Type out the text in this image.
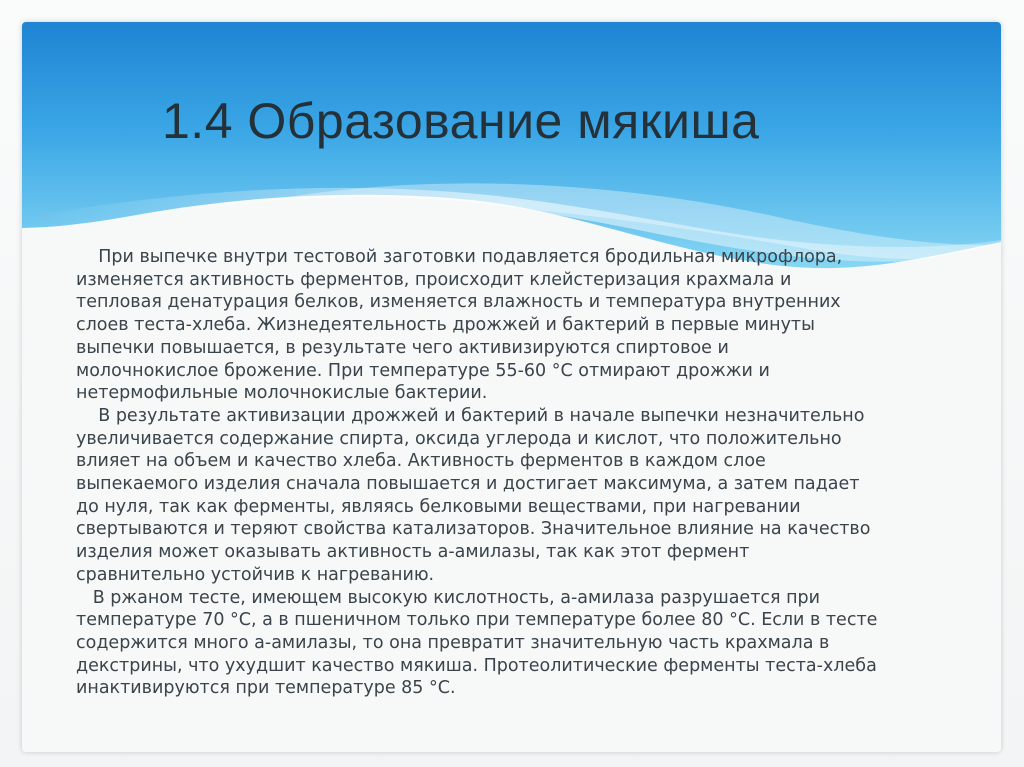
1.4 Образование мякиша
*

При выпечке внутри тестовой заготовки подавляется бродильная микрофлора,
изменяется активность ферментов, происходит клейстеризация крахмала и
тепловая денатурация белков, изменяется влажность и температура внутренних
слоев теста-хлеба. Жизнедеятельность дрожжей и бактерий в первые минуты
выпечки повышается, в результате чего активизируются спиртовое и
молочнокислое брожение. При температуре 55-60 °С отмирают дрожжи и
нетермофильные молочнокислые бактерии.

В результате активизации дрожжей и бактерий в начале выпечки незначительно
увеличивается содержание спирта, оксида углерода и кислот, что положительно
влияет на объем и качество хлеба. Активность ферментов в каждом слое
выпекаемого изделия сначала повышается и достигает максимума, а затем падает
до нуля, так как ферменты, являясь белковыми веществами, при нагревании
свертываются и теряют свойства катализаторов. Значительное влияние на качество
изделия может оказывать активность а-амилазы, так как этот фермент
сравнительно устойчив к нагреванию.

В ржаном тесте, имеющем высокую кислотность, а-амилаза разрушается при
температуре 70 °С, а в пшеничном только при температуре более 80 °С. Если в тесте
содержится много а-амилазы, то она превратит значительную часть крахмала в
декстрины, что ухудшит качество мякиша. Протеолитические ферменты теста-хлеба
инактивируются при температуре 85 °С.
